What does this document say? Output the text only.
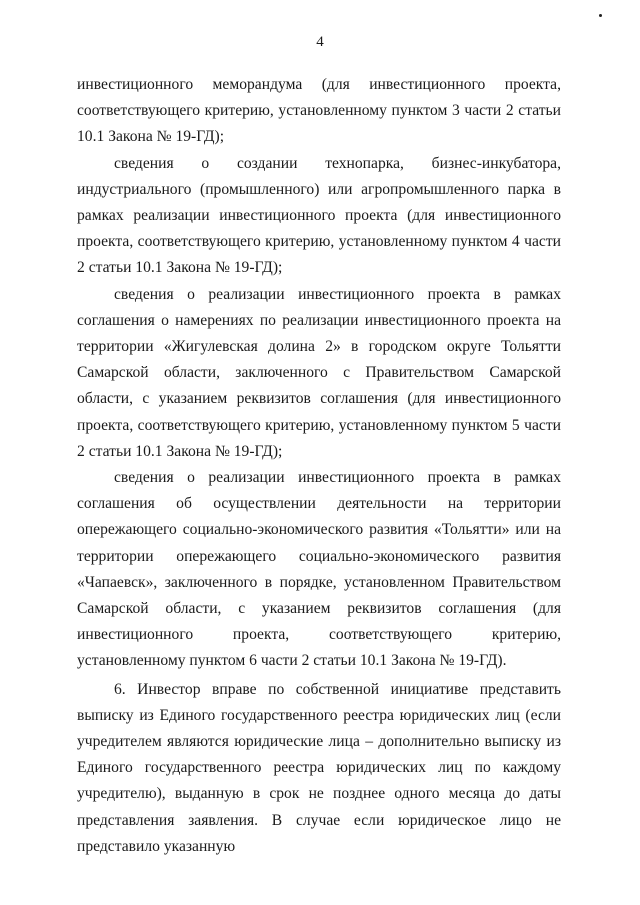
4

инвестиционного меморандума (для инвестиционного проекта, соответствующего критерию, установленному пунктом 3 части 2 статьи 10.1 Закона № 19-ГД);

сведения о создании технопарка, бизнес-инкубатора, индустриального (промышленного) или агропромышленного парка в рамках реализации инвестиционного проекта (для инвестиционного проекта, соответствующего критерию, установленному пунктом 4 части 2 статьи 10.1 Закона № 19-ГД);

сведения о реализации инвестиционного проекта в рамках соглашения о намерениях по реализации инвестиционного проекта на территории «Жигулевская долина 2» в городском округе Тольятти Самарской области, заключенного с Правительством Самарской области, с указанием реквизитов соглашения (для инвестиционного проекта, соответствующего критерию, установленному пунктом 5 части 2 статьи 10.1 Закона № 19-ГД);

сведения о реализации инвестиционного проекта в рамках соглашения об осуществлении деятельности на территории опережающего социально-экономического развития «Тольятти» или на территории опережающего социально-экономического развития «Чапаевск», заключенного в порядке, установленном Правительством Самарской области, с указанием реквизитов соглашения (для инвестиционного проекта, соответствующего критерию, установленному пунктом 6 части 2 статьи 10.1 Закона № 19-ГД).

6. Инвестор вправе по собственной инициативе представить выписку из Единого государственного реестра юридических лиц (если учредителем являются юридические лица – дополнительно выписку из Единого государственного реестра юридических лиц по каждому учредителю), выданную в срок не позднее одного месяца до даты представления заявления. В случае если юридическое лицо не представило указанную
